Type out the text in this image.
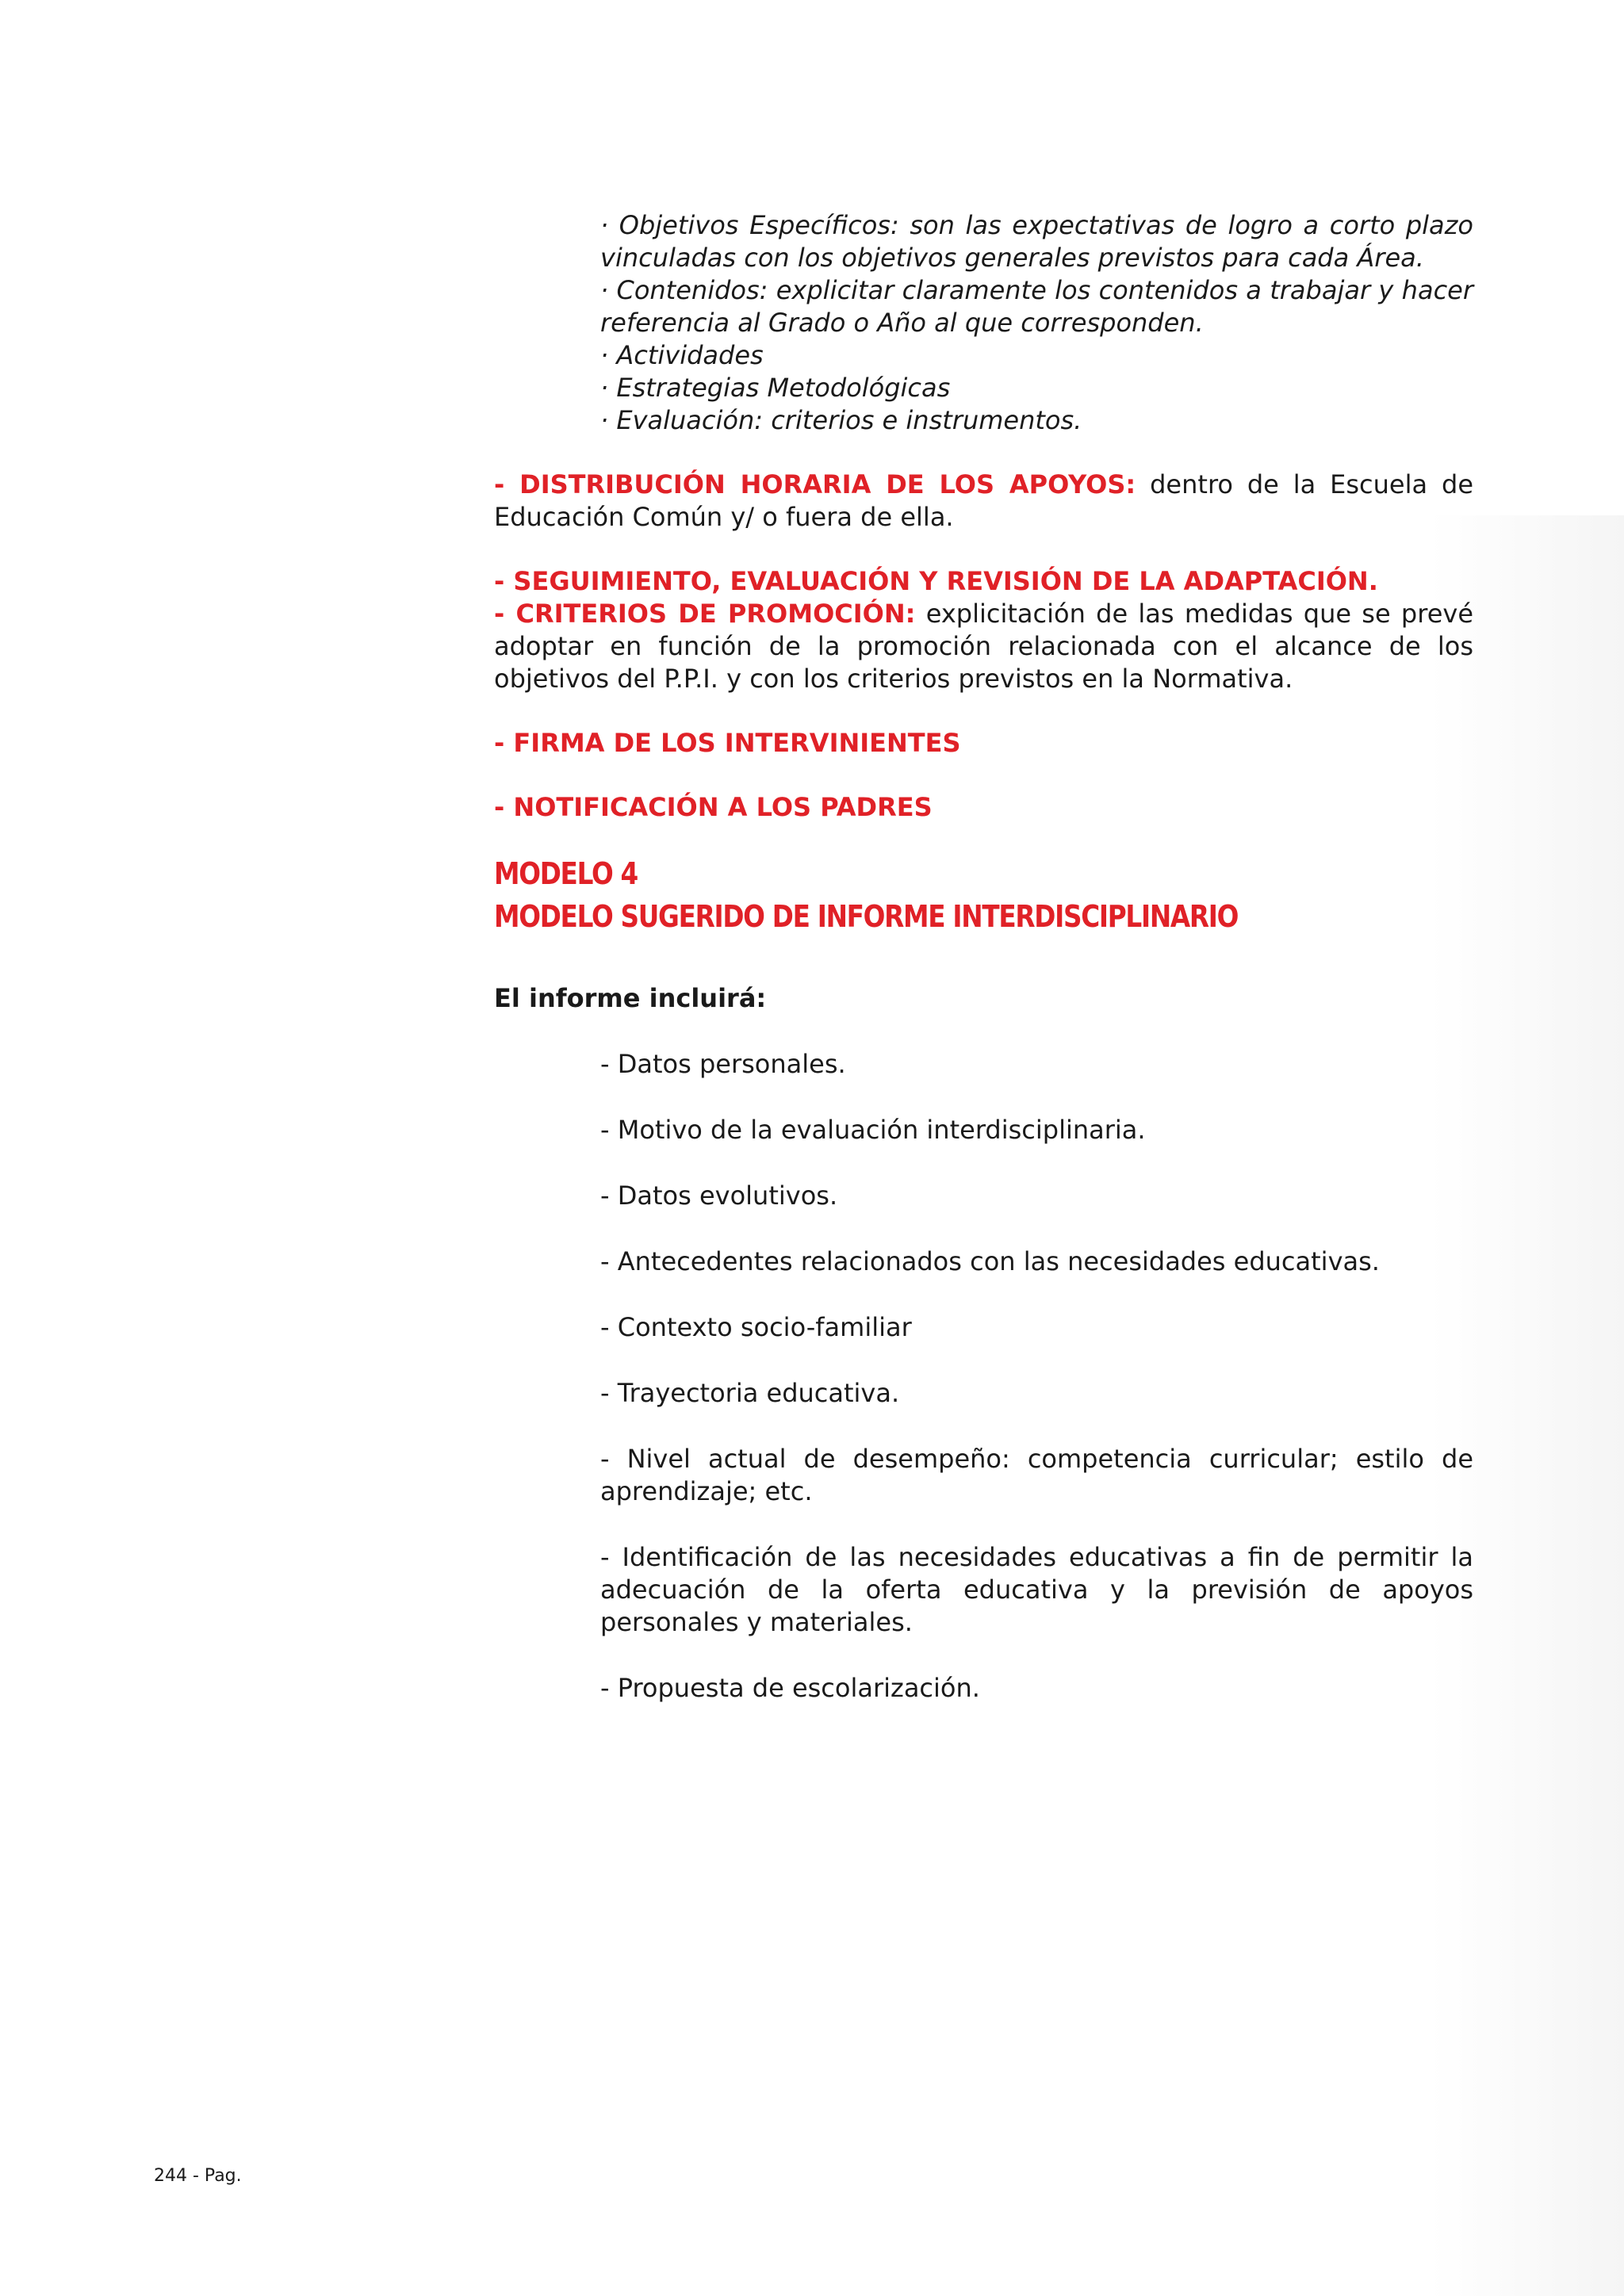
· Objetivos Específicos: son las expectativas de logro a corto plazo vinculadas con los objetivos generales previstos para cada Área.

· Contenidos: explicitar claramente los contenidos a trabajar y hacer referencia al Grado o Año al que corresponden.

· Actividades

· Estrategias Metodológicas

· Evaluación: criterios e instrumentos.

- DISTRIBUCIÓN HORARIA DE LOS APOYOS: dentro de la Escuela de Educación Común y/ o fuera de ella.

- SEGUIMIENTO, EVALUACIÓN Y REVISIÓN DE LA ADAPTACIÓN.

- CRITERIOS DE PROMOCIÓN: explicitación de las medidas que se prevé adoptar en función de la promoción relacionada con el alcance de los objetivos del P.P.I. y con los criterios previstos en la Normativa.

- FIRMA DE LOS INTERVINIENTES

- NOTIFICACIÓN A LOS PADRES

MODELO 4
MODELO SUGERIDO DE INFORME INTERDISCIPLINARIO

El informe incluirá:

- Datos personales.

- Motivo de la evaluación interdisciplinaria.

- Datos evolutivos.

- Antecedentes relacionados con las necesidades educativas.

- Contexto socio-familiar

- Trayectoria educativa.

- Nivel actual de desempeño: competencia curricular; estilo de aprendizaje; etc.

- Identificación de las necesidades educativas a fin de permitir la adecuación de la oferta educativa y la previsión de apoyos personales y materiales.

- Propuesta de escolarización.

244 - Pag.
